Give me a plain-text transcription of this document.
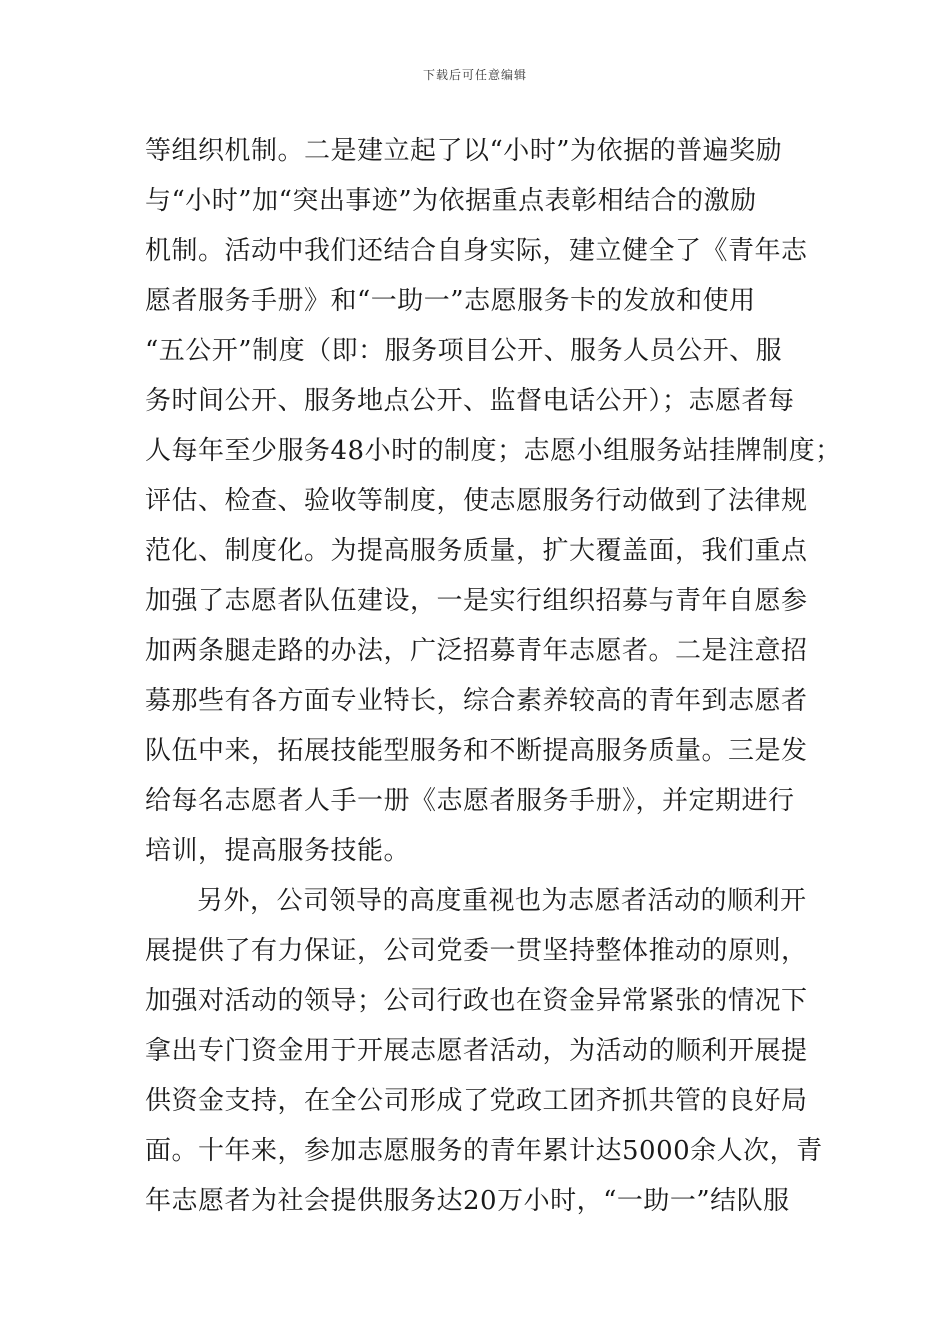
下载后可任意编辑
等组织机制。二是建立起了以“小时”为依据的普遍奖励
与“小时”加“突出事迹”为依据重点表彰相结合的激励
机制。活动中我们还结合自身实际，建立健全了《青年志
愿者服务手册》和“一助一”志愿服务卡的发放和使用
“五公开”制度（即：服务项目公开、服务人员公开、服
务时间公开、服务地点公开、监督电话公开）；志愿者每
人每年至少服务48小时的制度；志愿小组服务站挂牌制度；
评估、检查、验收等制度，使志愿服务行动做到了法律规
范化、制度化。为提高服务质量，扩大覆盖面，我们重点
加强了志愿者队伍建设，一是实行组织招募与青年自愿参
加两条腿走路的办法，广泛招募青年志愿者。二是注意招
募那些有各方面专业特长，综合素养较高的青年到志愿者
队伍中来，拓展技能型服务和不断提高服务质量。三是发
给每名志愿者人手一册《志愿者服务手册》，并定期进行
培训，提高服务技能。
另外，公司领导的高度重视也为志愿者活动的顺利开
展提供了有力保证，公司党委一贯坚持整体推动的原则，
加强对活动的领导；公司行政也在资金异常紧张的情况下
拿出专门资金用于开展志愿者活动，为活动的顺利开展提
供资金支持，在全公司形成了党政工团齐抓共管的良好局
面。十年来，参加志愿服务的青年累计达5000余人次，青
年志愿者为社会提供服务达20万小时，“一助一”结队服
